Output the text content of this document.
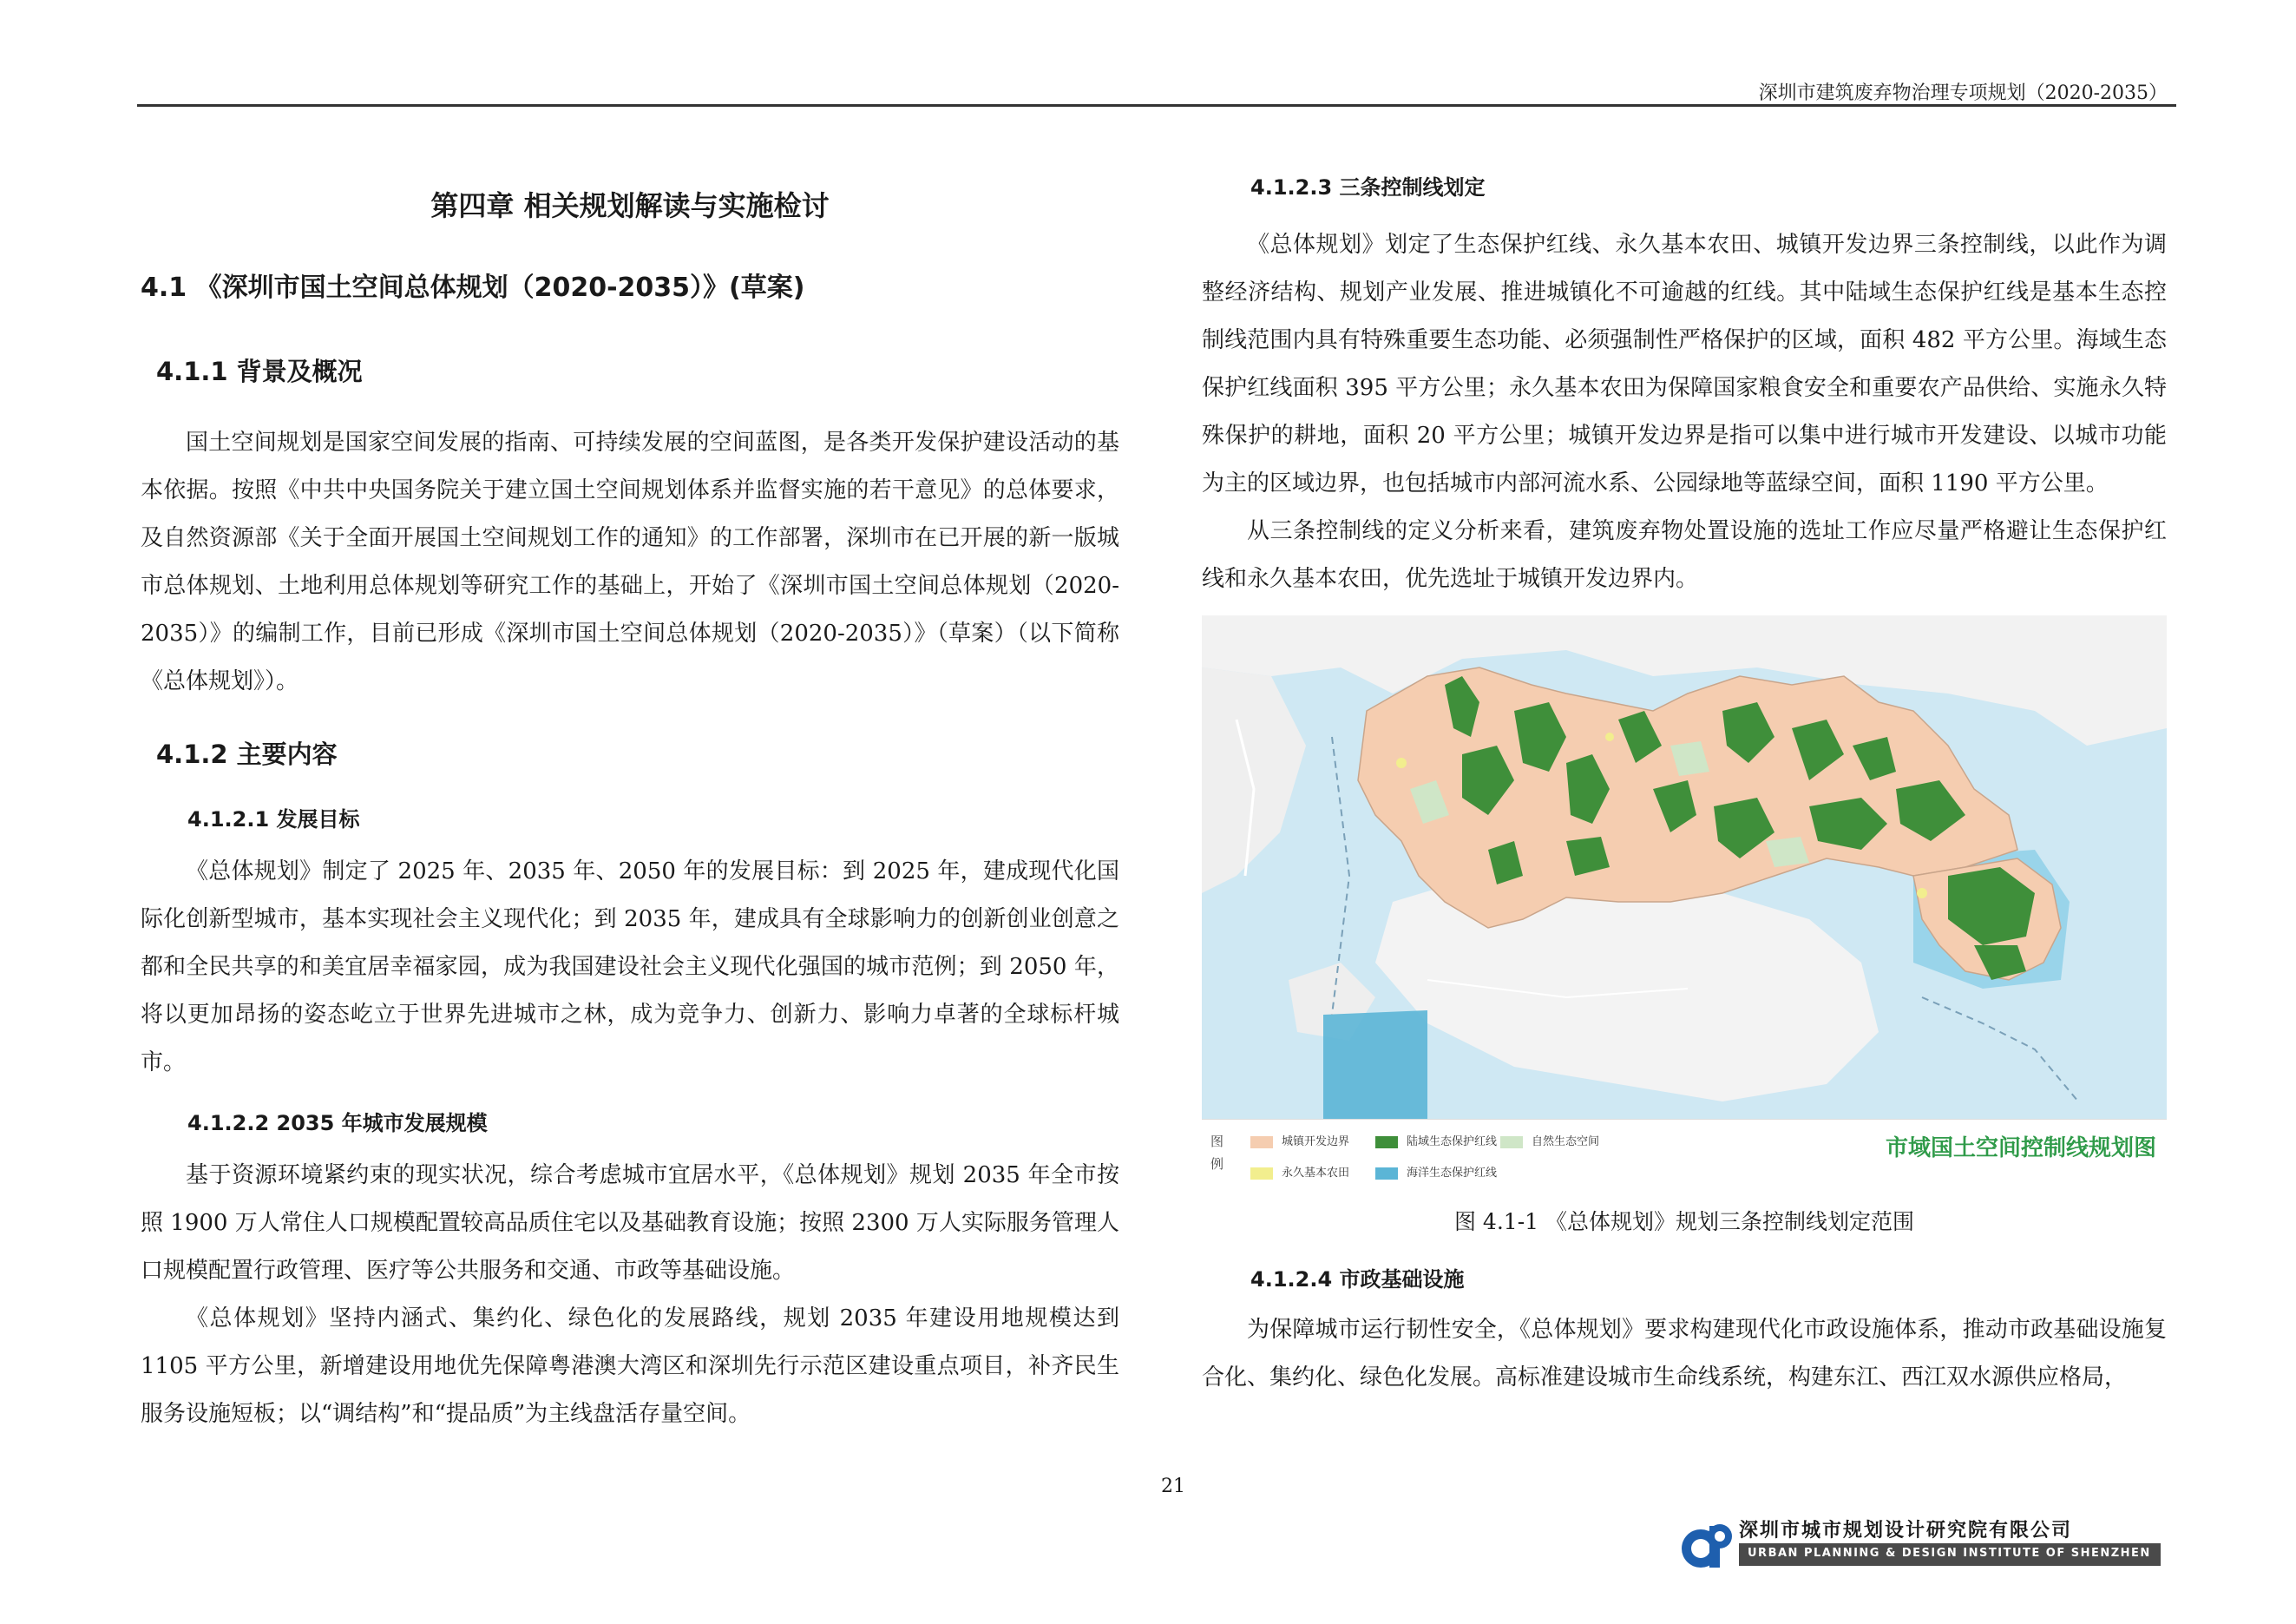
深圳市建筑废弃物治理专项规划（2020-2035）
第四章 相关规划解读与实施检讨
4.1 《深圳市国土空间总体规划（2020-2035）》(草案)
4.1.1 背景及概况

国土空间规划是国家空间发展的指南、可持续发展的空间蓝图，是各类开发保护建设活动的基本依据。按照《中共中央国务院关于建立国土空间规划体系并监督实施的若干意见》的总体要求，及自然资源部《关于全面开展国土空间规划工作的通知》的工作部署，深圳市在已开展的新一版城市总体规划、土地利用总体规划等研究工作的基础上，开始了《深圳市国土空间总体规划（2020-2035）》的编制工作，目前已形成《深圳市国土空间总体规划（2020-2035）》（草案）（以下简称《总体规划》）。

4.1.2 主要内容
4.1.2.1 发展目标

《总体规划》制定了 2025 年、2035 年、2050 年的发展目标：到 2025 年，建成现代化国际化创新型城市，基本实现社会主义现代化；到 2035 年，建成具有全球影响力的创新创业创意之都和全民共享的和美宜居幸福家园，成为我国建设社会主义现代化强国的城市范例；到 2050 年，将以更加昂扬的姿态屹立于世界先进城市之林，成为竞争力、创新力、影响力卓著的全球标杆城市。

4.1.2.2 2035 年城市发展规模

基于资源环境紧约束的现实状况，综合考虑城市宜居水平，《总体规划》规划 2035 年全市按照 1900 万人常住人口规模配置较高品质住宅以及基础教育设施；按照 2300 万人实际服务管理人口规模配置行政管理、医疗等公共服务和交通、市政等基础设施。

《总体规划》坚持内涵式、集约化、绿色化的发展路线，规划 2035 年建设用地规模达到 1105 平方公里，新增建设用地优先保障粤港澳大湾区和深圳先行示范区建设重点项目，补齐民生服务设施短板；以“调结构”和“提品质”为主线盘活存量空间。

4.1.2.3 三条控制线划定

《总体规划》划定了生态保护红线、永久基本农田、城镇开发边界三条控制线，以此作为调整经济结构、规划产业发展、推进城镇化不可逾越的红线。其中陆域生态保护红线是基本生态控制线范围内具有特殊重要生态功能、必须强制性严格保护的区域，面积 482 平方公里。海域生态保护红线面积 395 平方公里；永久基本农田为保障国家粮食安全和重要农产品供给、实施永久特殊保护的耕地，面积 20 平方公里；城镇开发边界是指可以集中进行城市开发建设、以城市功能为主的区域边界，也包括城市内部河流水系、公园绿地等蓝绿空间，面积 1190 平方公里。

从三条控制线的定义分析来看，建筑废弃物处置设施的选址工作应尽量严格避让生态保护红线和永久基本农田，优先选址于城镇开发边界内。

图例
城镇开发边界	陆域生态保护红线	自然生态空间
永久基本农田	海洋生态保护红线
市域国土空间控制线规划图
图 4.1-1 《总体规划》规划三条控制线划定范围
4.1.2.4 市政基础设施

为保障城市运行韧性安全，《总体规划》要求构建现代化市政设施体系，推动市政基础设施复合化、集约化、绿色化发展。高标准建设城市生命线系统，构建东江、西江双水源供应格局，

21
深圳市城市规划设计研究院有限公司
URBAN PLANNING & DESIGN INSTITUTE OF SHENZHEN
